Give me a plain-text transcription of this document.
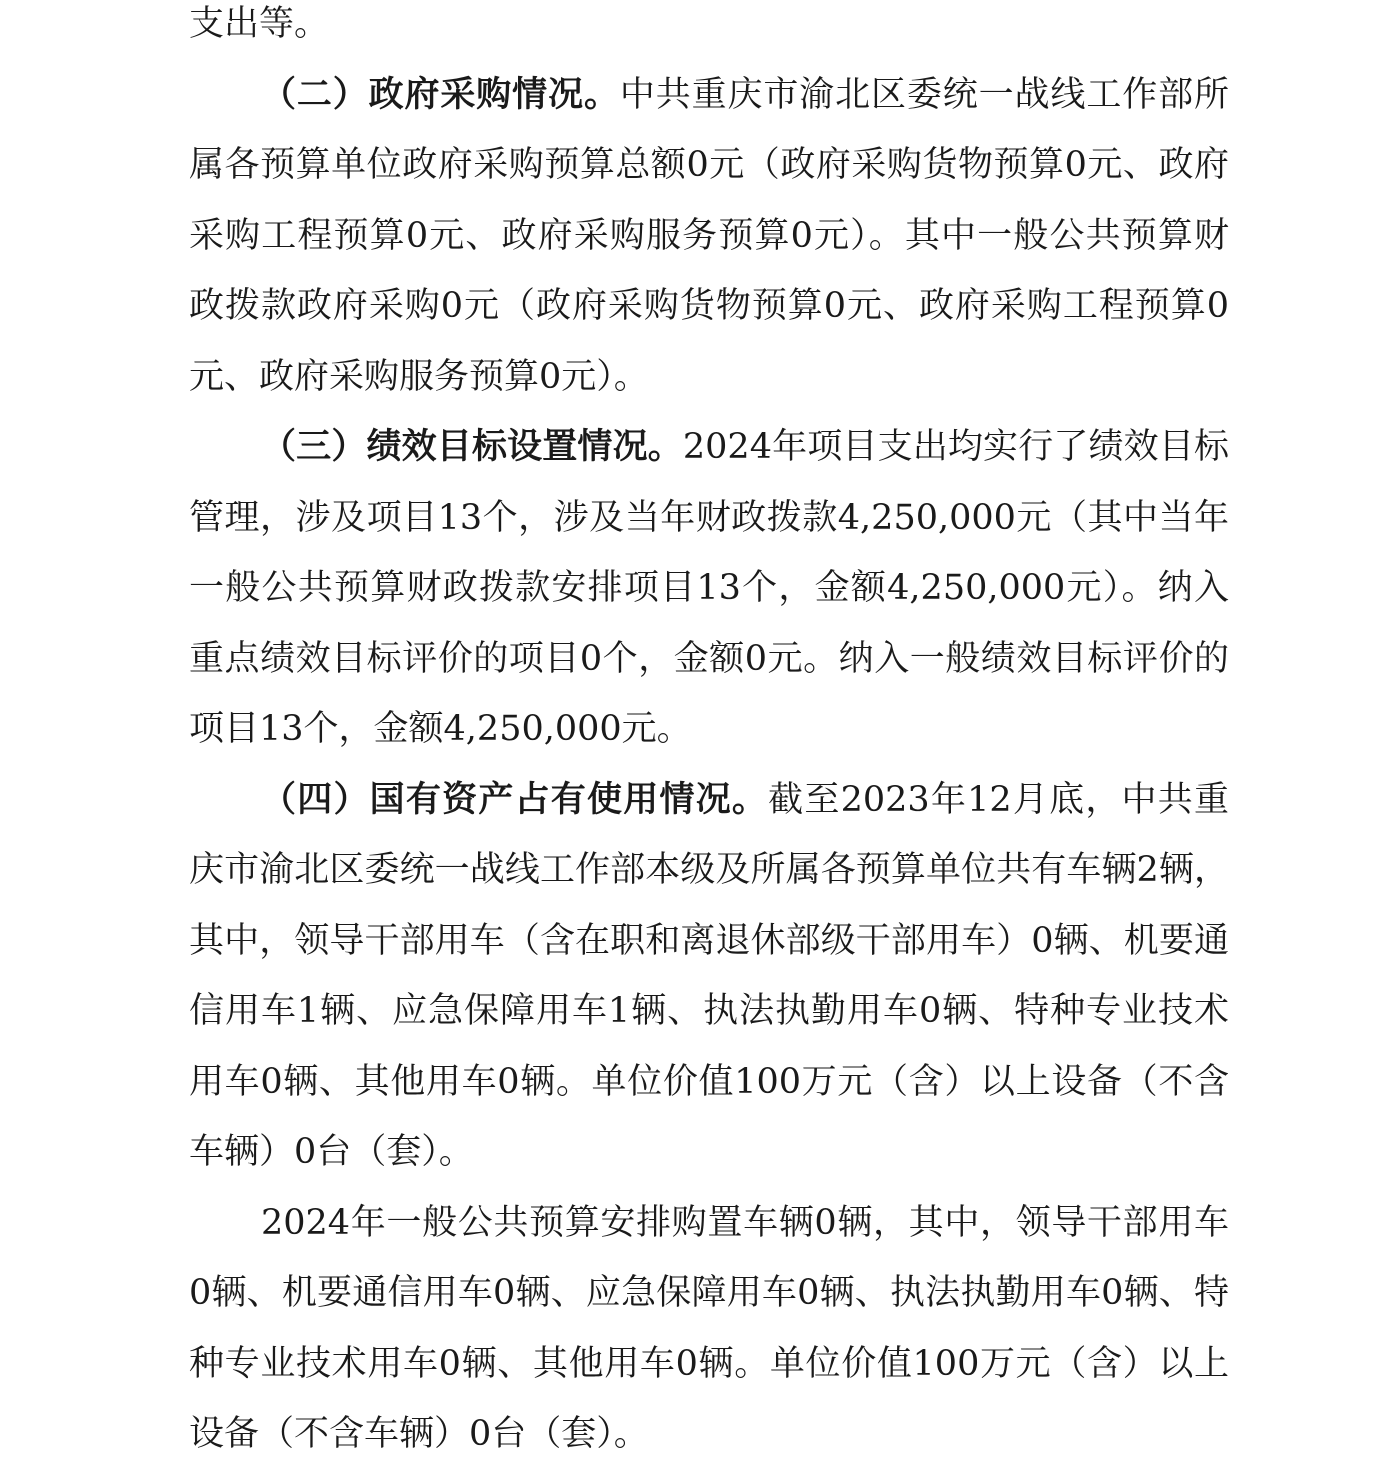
支出等。

（二）政府采购情况。中共重庆市渝北区委统一战线工作部所属各预算单位政府采购预算总额0元（政府采购货物预算0元、政府采购工程预算0元、政府采购服务预算0元）。其中一般公共预算财政拨款政府采购0元（政府采购货物预算0元、政府采购工程预算0元、政府采购服务预算0元）。

（三）绩效目标设置情况。2024年项目支出均实行了绩效目标管理，涉及项目13个，涉及当年财政拨款4,250,000元（其中当年一般公共预算财政拨款安排项目13个，金额4,250,000元）。纳入重点绩效目标评价的项目0个，金额0元。纳入一般绩效目标评价的项目13个，金额4,250,000元。

（四）国有资产占有使用情况。截至2023年12月底，中共重庆市渝北区委统一战线工作部本级及所属各预算单位共有车辆2辆，其中，领导干部用车（含在职和离退休部级干部用车）0辆、机要通信用车1辆、应急保障用车1辆、执法执勤用车0辆、特种专业技术用车0辆、其他用车0辆。单位价值100万元（含）以上设备（不含车辆）0台（套）。

2024年一般公共预算安排购置车辆0辆，其中，领导干部用车0辆、机要通信用车0辆、应急保障用车0辆、执法执勤用车0辆、特种专业技术用车0辆、其他用车0辆。单位价值100万元（含）以上设备（不含车辆）0台（套）。
